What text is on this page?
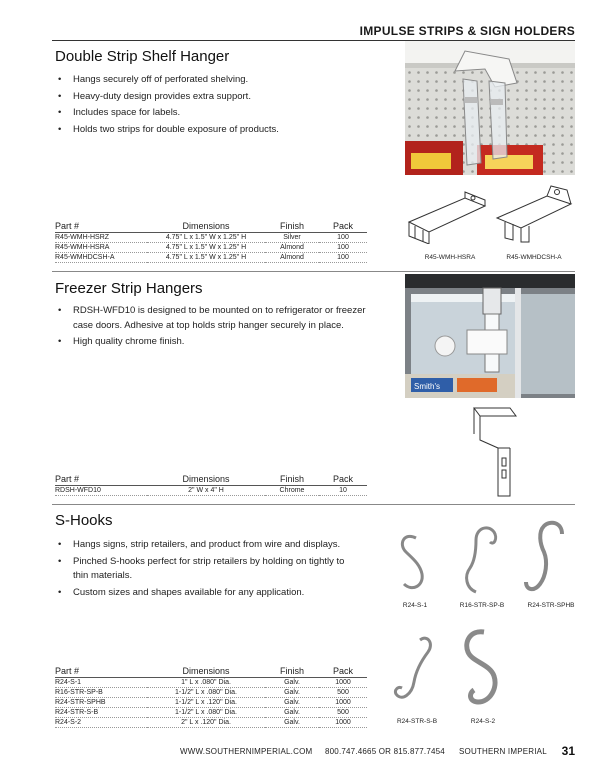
IMPULSE STRIPS & SIGN HOLDERS
Double Strip Shelf Hanger
• Hangs securely off of perforated shelving.
• Heavy-duty design provides extra support.
• Includes space for labels.
• Holds two strips for double exposure of products.
R45-WMH-HSRA	R45-WMHDCSH-A
Part #	Dimensions	Finish	Pack
R45-WMH-HSRZ	4.75" L x 1.5" W x 1.25" H	Silver	100
R45-WMH-HSRA	4.75" L x 1.5" W x 1.25" H	Almond	100
R45-WMHDCSH-A	4.75" L x 1.5" W x 1.25" H	Almond	100
Freezer Strip Hangers
• RDSH-WFD10 is designed to be mounted on to refrigerator or freezer case doors. Adhesive at top holds strip hanger securely in place.
• High quality chrome finish.
Smith's
Part #	Dimensions	Finish	Pack
RDSH-WFD10	2" W x 4" H	Chrome	10
S-Hooks
• Hangs signs, strip retailers, and product from wire and displays.
• Pinched S-hooks perfect for strip retailers by holding on tightly to thin materials.
• Custom sizes and shapes available for any application.
R24-S-1	R16-STR-SP-B	R24-STR-SPHB
R24-STR-S-B	R24-S-2
Part #	Dimensions	Finish	Pack
R24-S-1	1" L x .080" Dia.	Galv.	1000
R16-STR-SP-B	1-1/2" L x .080" Dia.	Galv.	500
R24-STR-SPHB	1-1/2" L x .120" Dia.	Galv.	1000
R24-STR-S-B	1-1/2" L x .080" Dia.	Galv.	500
R24-S-2	2" L x .120" Dia.	Galv.	1000
WWW.SOUTHERNIMPERIAL.COM 800.747.4665 OR 815.877.7454 SOUTHERN IMPERIAL 31
